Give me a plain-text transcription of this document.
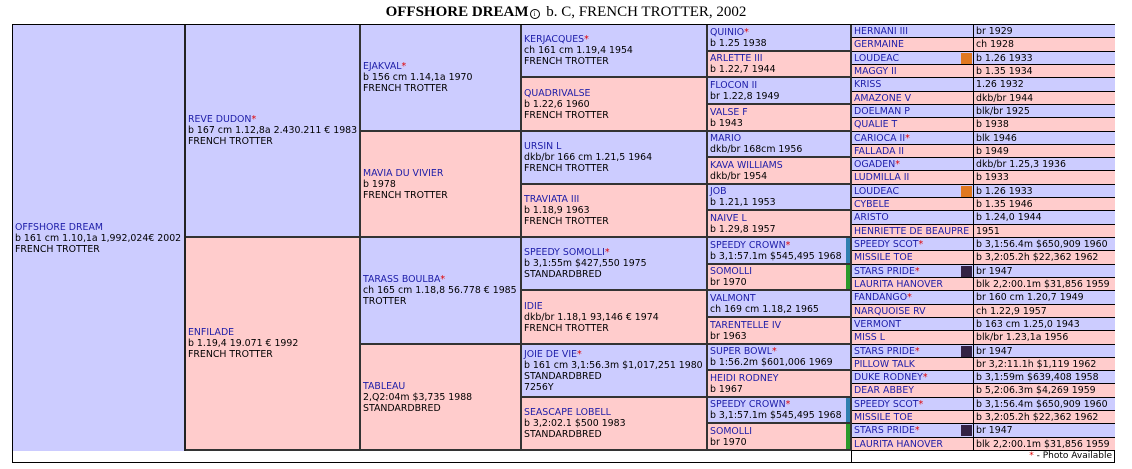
OFFSHORE DREAM i b. C, FRENCH TROTTER, 2002
OFFSHORE DREAM
b 161 cm 1.10,1a 1,992,024€ 2002
FRENCH TROTTER
REVE DUDON*
b 167 cm 1.12,8a 2.430.211 € 1983
FRENCH TROTTER
ENFILADE
b 1.19,4 19.071 € 1992
FRENCH TROTTER
EJAKVAL*
b 156 cm 1.14,1a 1970
FRENCH TROTTER
MAVIA DU VIVIER
b 1978
FRENCH TROTTER
TARASS BOULBA*
ch 165 cm 1.18,8 56.778 € 1985
TROTTER
TABLEAU
2,Q2:04m $3,735 1988
STANDARDBRED
KERJACQUES*
ch 161 cm 1.19,4 1954
FRENCH TROTTER
QUADRIVALSE
b 1.22,6 1960
FRENCH TROTTER
URSIN L
dkb/br 166 cm 1.21,5 1964
FRENCH TROTTER
TRAVIATA III
b 1.18,9 1963
FRENCH TROTTER
SPEEDY SOMOLLI*
b 3,1:55m $427,550 1975
STANDARDBRED
IDIE
dkb/br 1.18,1 93,146 € 1974
FRENCH TROTTER
JOIE DE VIE*
b 161 cm 3,1:56.3m $1,017,251 1980
STANDARDBRED
7256Y
SEASCAPE LOBELL
b 3,2:02.1 $500 1983
STANDARDBRED
QUINIO*
b 1.25 1938
ARLETTE III
b 1.22,7 1944
FLOCON II
br 1.22,8 1949
VALSE F
b 1943
MARIO
dkb/br 168cm 1956
KAVA WILLIAMS
dkb/br 1954
JOB
b 1.21,1 1953
NAIVE L
b 1.29,8 1957
SPEEDY CROWN*
b 3,1:57.1m $545,495 1968
SOMOLLI
br 1970
VALMONT
ch 169 cm 1.18,2 1965
TARENTELLE IV
br 1963
SUPER BOWL*
b 1:56.2m $601,006 1969
HEIDI RODNEY
b 1967
SPEEDY CROWN*
b 3,1:57.1m $545,495 1968
SOMOLLI
br 1970
HERNANI III	br 1929
GERMAINE	ch 1928
LOUDEAC	b 1.26 1933
MAGGY II	b 1.35 1934
KRISS	1.26 1932
AMAZONE V	dkb/br 1944
DOELMAN P	blk/br 1925
QUALIE T	b 1938
CARIOCA II*	blk 1946
FALLADA II	b 1949
OGADEN*	dkb/br 1.25,3 1936
LUDMILLA II	b 1933
LOUDEAC	b 1.26 1933
CYBELE	b 1.35 1946
ARISTO	b 1.24,0 1944
HENRIETTE DE BEAUPRE 1951
SPEEDY SCOT*	b 3,1:56.4m $650,909 1960
MISSILE TOE	b 3,2:05.2h $22,362 1962
STARS PRIDE*	br 1947
LAURITA HANOVER	blk 2,2:00.1m $31,856 1959
FANDANGO*	br 160 cm 1.20,7 1949
NARQUOISE RV	ch 1.22,9 1957
VERMONT	b 163 cm 1.25,0 1943
MISS L	blk/br 1.23,1a 1956
STARS PRIDE*	br 1947
PILLOW TALK	br 3,2:11.1h $1,119 1962
DUKE RODNEY*	b 3,1:59m $639,408 1958
DEAR ABBEY	b 5,2:06.3m $4,269 1959
SPEEDY SCOT*	b 3,1:56.4m $650,909 1960
MISSILE TOE	b 3,2:05.2h $22,362 1962
STARS PRIDE*	br 1947
LAURITA HANOVER	blk 2,2:00.1m $31,856 1959
* - Photo Available
